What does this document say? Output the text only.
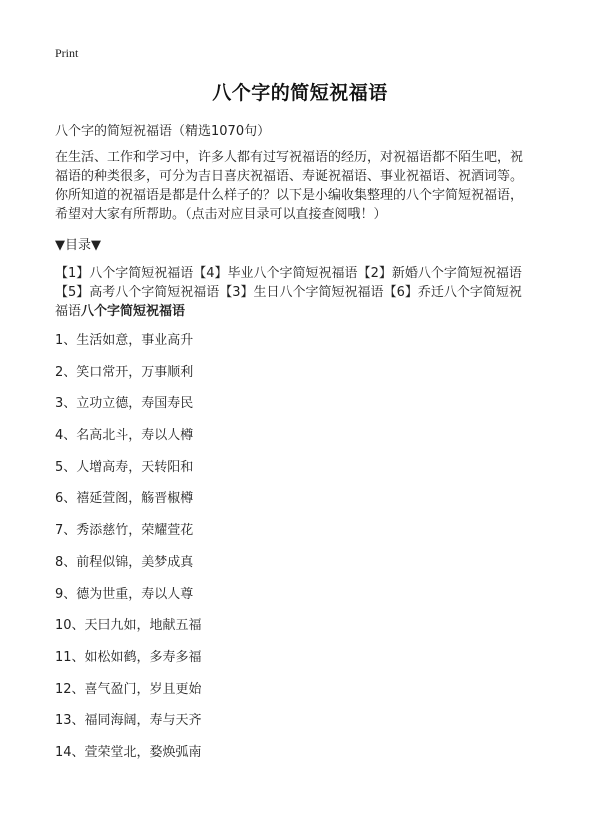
Print
八个字的简短祝福语
八个字的简短祝福语（精选1070句）
在生活、工作和学习中，许多人都有过写祝福语的经历，对祝福语都不陌生吧，祝
福语的种类很多，可分为吉日喜庆祝福语、寿诞祝福语、事业祝福语、祝酒词等。
你所知道的祝福语是都是什么样子的？以下是小编收集整理的八个字简短祝福语，
希望对大家有所帮助。（点击对应目录可以直接查阅哦！）
▼目录▼
【1】八个字简短祝福语【4】毕业八个字简短祝福语【2】新婚八个字简短祝福语
【5】高考八个字简短祝福语【3】生日八个字简短祝福语【6】乔迁八个字简短祝
福语八个字简短祝福语
1、生活如意，事业高升
2、笑口常开，万事顺利
3、立功立德，寿国寿民
4、名高北斗，寿以人樽
5、人增高寿，天转阳和
6、禧延萱阁，觞晋椒樽
7、秀添慈竹，荣耀萱花
8、前程似锦，美梦成真
9、德为世重，寿以人尊
10、天曰九如，地献五福
11、如松如鹤，多寿多福
12、喜气盈门，岁且更始
13、福同海阔，寿与天齐
14、萱荣堂北，婺焕弧南
